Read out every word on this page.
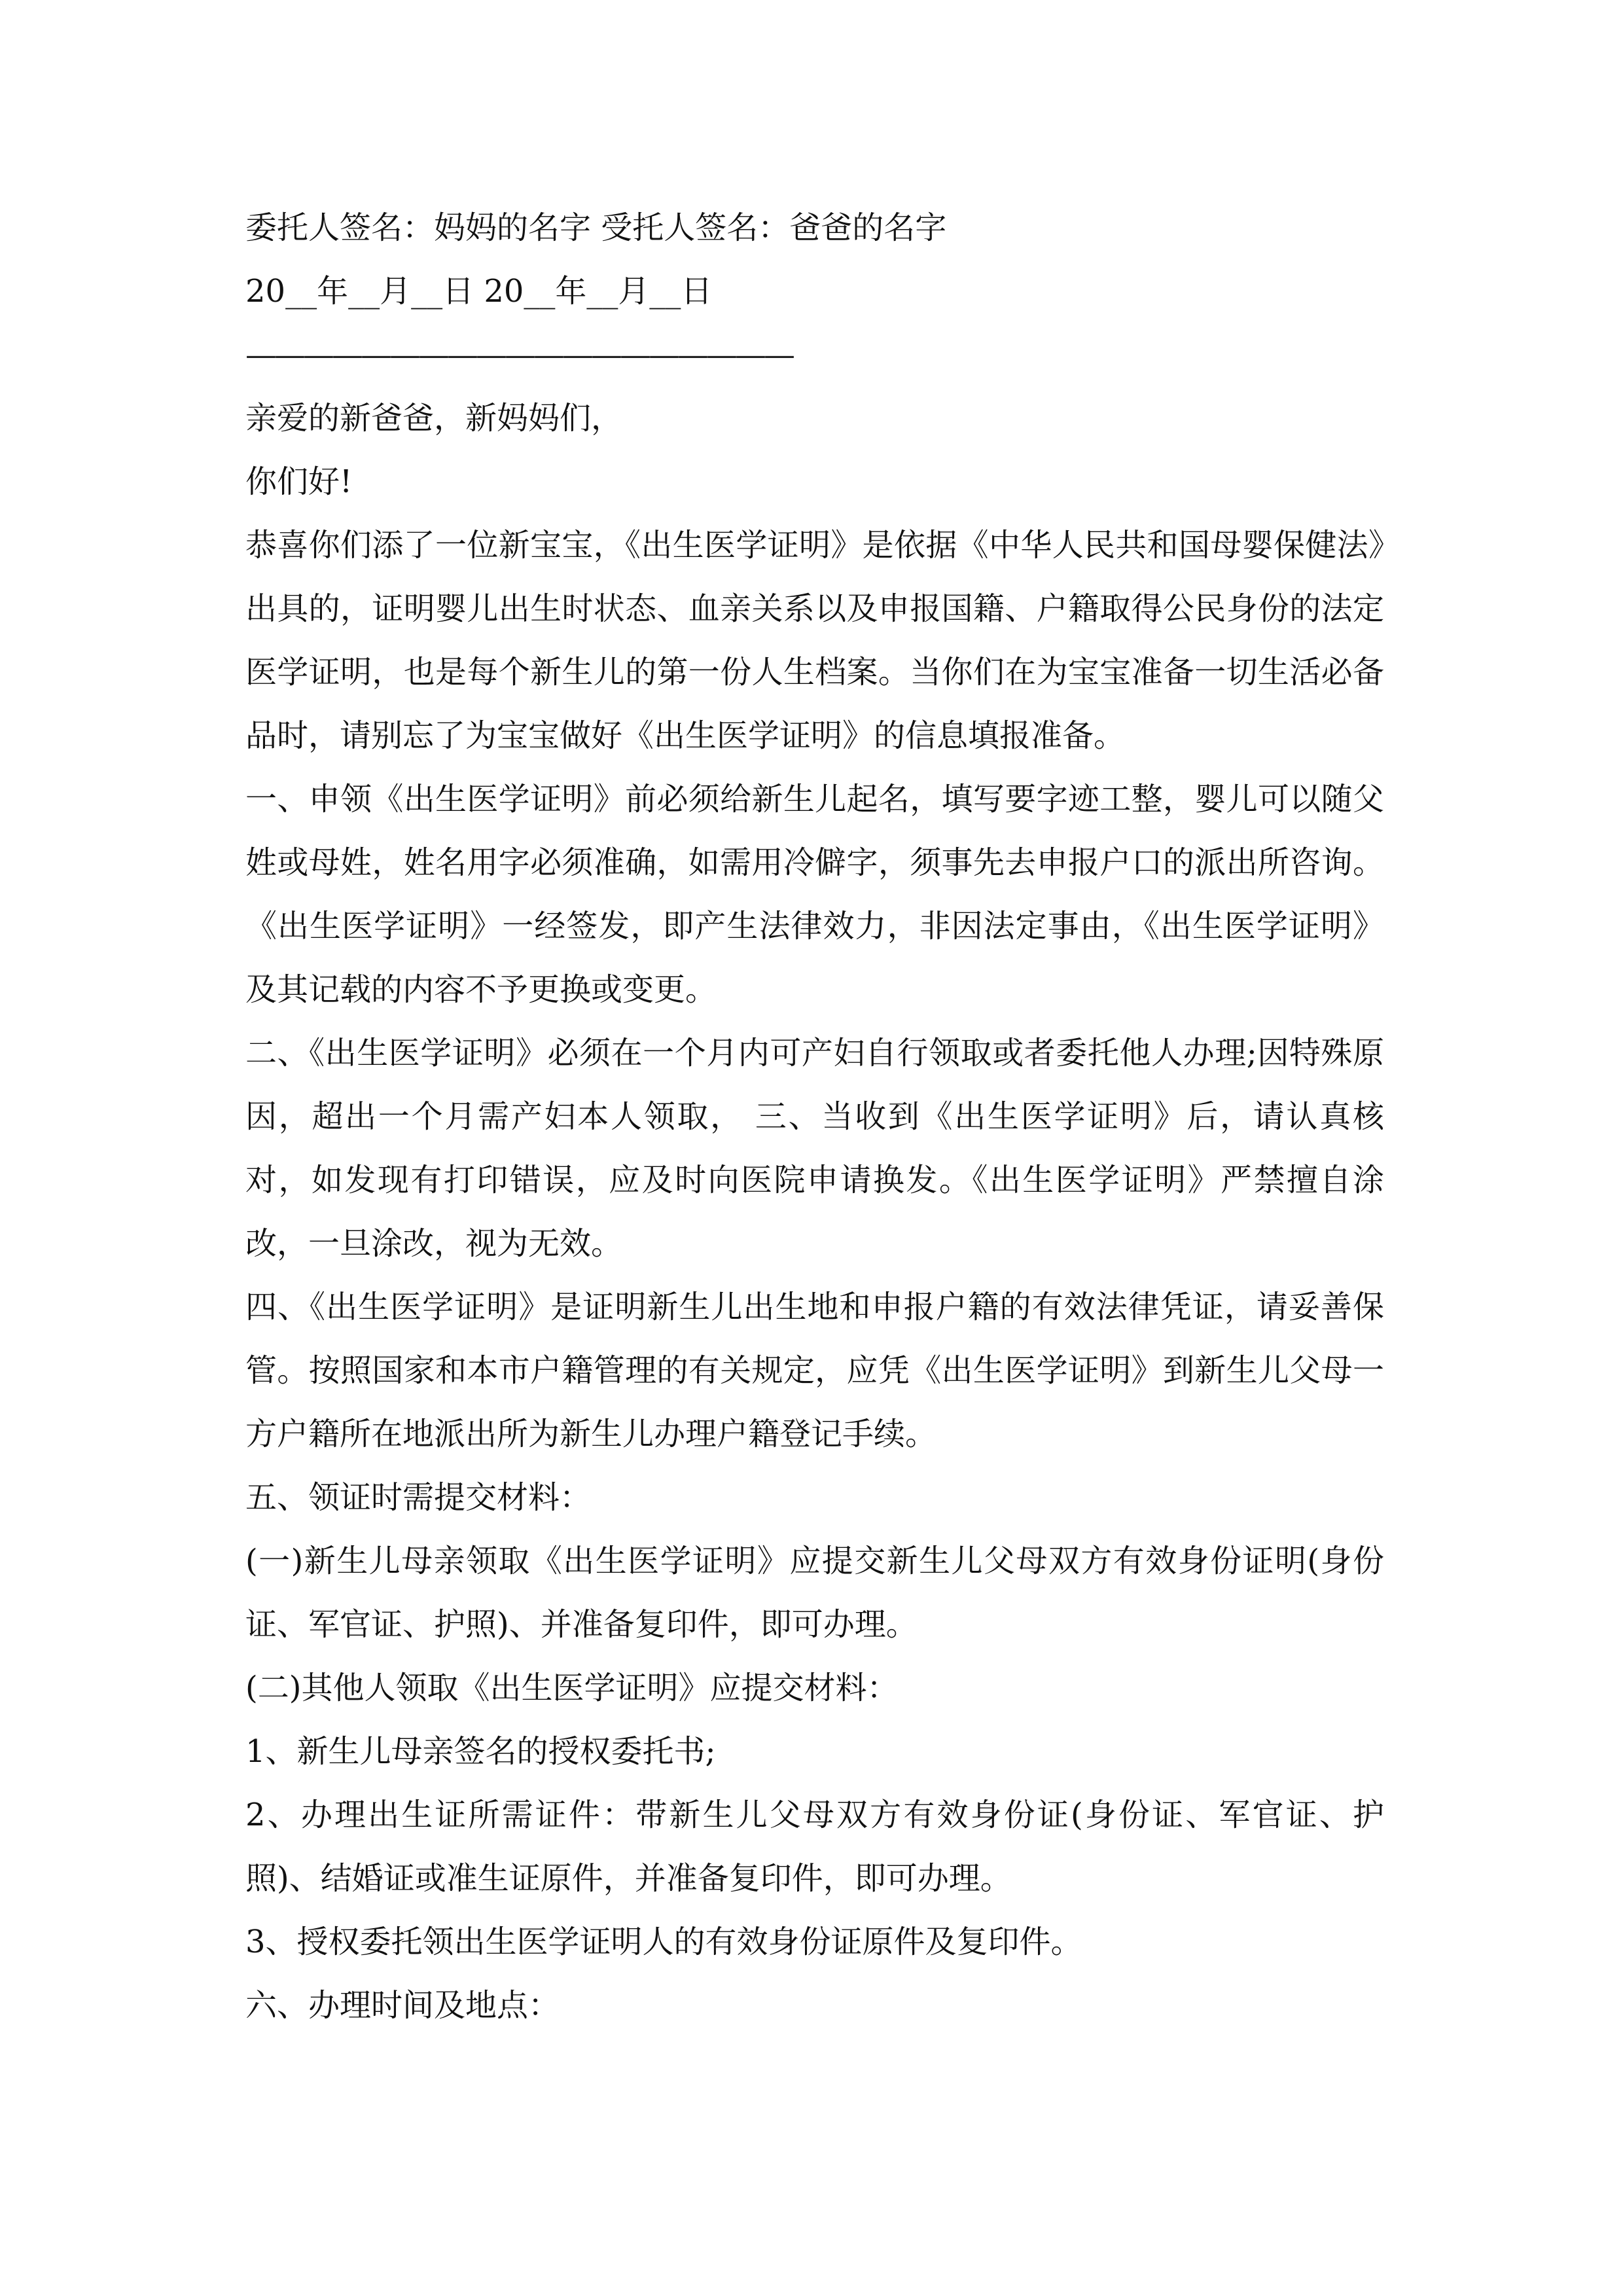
委托人签名：妈妈的名字 受托人签名：爸爸的名字
20__年__月__日 20__年__月__日
———————————————————
亲爱的新爸爸，新妈妈们，
你们好!

恭喜你们添了一位新宝宝，《出生医学证明》是依据《中华人民共和国母婴保健法》出具的，证明婴儿出生时状态、血亲关系以及申报国籍、户籍取得公民身份的法定医学证明，也是每个新生儿的第一份人生档案。当你们在为宝宝准备一切生活必备品时，请别忘了为宝宝做好《出生医学证明》的信息填报准备。

一、申领《出生医学证明》前必须给新生儿起名，填写要字迹工整，婴儿可以随父姓或母姓，姓名用字必须准确，如需用冷僻字，须事先去申报户口的派出所咨询。《出生医学证明》一经签发，即产生法律效力，非因法定事由，《出生医学证明》及其记载的内容不予更换或变更。

二、《出生医学证明》必须在一个月内可产妇自行领取或者委托他人办理;因特殊原因，超出一个月需产妇本人领取， 三、当收到《出生医学证明》后，请认真核对，如发现有打印错误，应及时向医院申请换发。《出生医学证明》严禁擅自涂改，一旦涂改，视为无效。

四、《出生医学证明》是证明新生儿出生地和申报户籍的有效法律凭证，请妥善保管。按照国家和本市户籍管理的有关规定，应凭《出生医学证明》到新生儿父母一方户籍所在地派出所为新生儿办理户籍登记手续。

五、领证时需提交材料：

(一)新生儿母亲领取《出生医学证明》应提交新生儿父母双方有效身份证明(身份证、军官证、护照)、并准备复印件，即可办理。

(二)其他人领取《出生医学证明》应提交材料：

1、新生儿母亲签名的授权委托书;

2、办理出生证所需证件：带新生儿父母双方有效身份证(身份证、军官证、护照)、结婚证或准生证原件，并准备复印件，即可办理。

3、授权委托领出生医学证明人的有效身份证原件及复印件。

六、办理时间及地点：
